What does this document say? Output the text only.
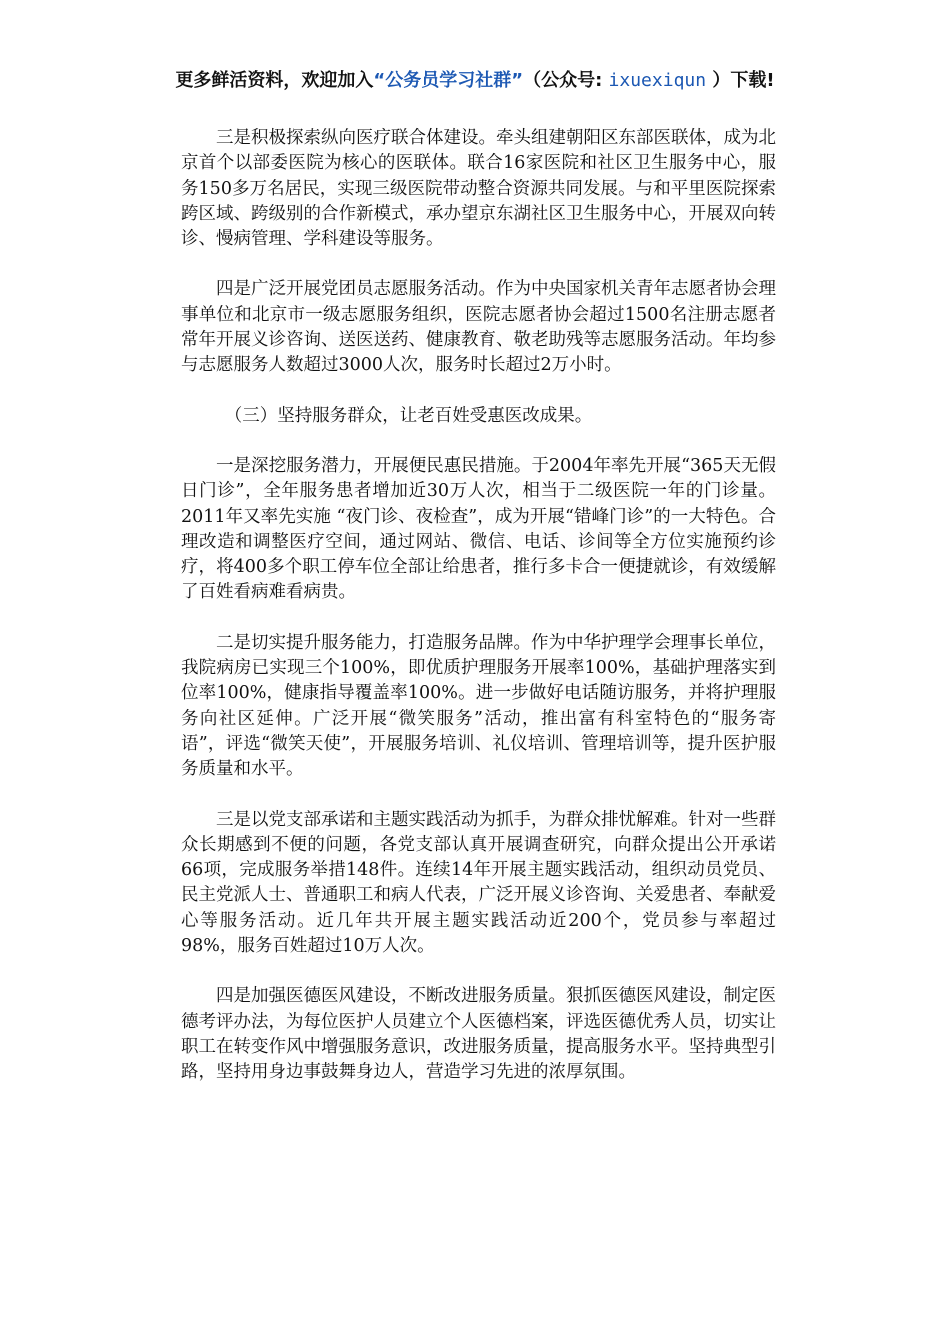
更多鲜活资料，欢迎加入“公务员学习社群”（公众号: ixuexiqun ）下载!

三是积极探索纵向医疗联合体建设。牵头组建朝阳区东部医联体，成为北京首个以部委医院为核心的医联体。联合16家医院和社区卫生服务中心，服务150多万名居民，实现三级医院带动整合资源共同发展。与和平里医院探索跨区域、跨级别的合作新模式，承办望京东湖社区卫生服务中心，开展双向转诊、慢病管理、学科建设等服务。

四是广泛开展党团员志愿服务活动。作为中央国家机关青年志愿者协会理事单位和北京市一级志愿服务组织，医院志愿者协会超过1500名注册志愿者常年开展义诊咨询、送医送药、健康教育、敬老助残等志愿服务活动。年均参与志愿服务人数超过3000人次，服务时长超过2万小时。

（三）坚持服务群众，让老百姓受惠医改成果。

一是深挖服务潜力，开展便民惠民措施。于2004年率先开展“365天无假日门诊”，全年服务患者增加近30万人次，相当于二级医院一年的门诊量。2011年又率先实施 “夜门诊、夜检查”，成为开展“错峰门诊”的一大特色。合理改造和调整医疗空间，通过网站、微信、电话、诊间等全方位实施预约诊疗，将400多个职工停车位全部让给患者，推行多卡合一便捷就诊，有效缓解了百姓看病难看病贵。

二是切实提升服务能力，打造服务品牌。作为中华护理学会理事长单位，我院病房已实现三个100%，即优质护理服务开展率100%，基础护理落实到位率100%，健康指导覆盖率100%。进一步做好电话随访服务，并将护理服务向社区延伸。广泛开展“微笑服务”活动，推出富有科室特色的“服务寄语”，评选“微笑天使”，开展服务培训、礼仪培训、管理培训等，提升医护服务质量和水平。

三是以党支部承诺和主题实践活动为抓手，为群众排忧解难。针对一些群众长期感到不便的问题，各党支部认真开展调查研究，向群众提出公开承诺66项，完成服务举措148件。连续14年开展主题实践活动，组织动员党员、民主党派人士、普通职工和病人代表，广泛开展义诊咨询、关爱患者、奉献爱心等服务活动。近几年共开展主题实践活动近200个，党员参与率超过98%，服务百姓超过10万人次。

四是加强医德医风建设，不断改进服务质量。狠抓医德医风建设，制定医德考评办法，为每位医护人员建立个人医德档案，评选医德优秀人员，切实让职工在转变作风中增强服务意识，改进服务质量，提高服务水平。坚持典型引路，坚持用身边事鼓舞身边人，营造学习先进的浓厚氛围。
